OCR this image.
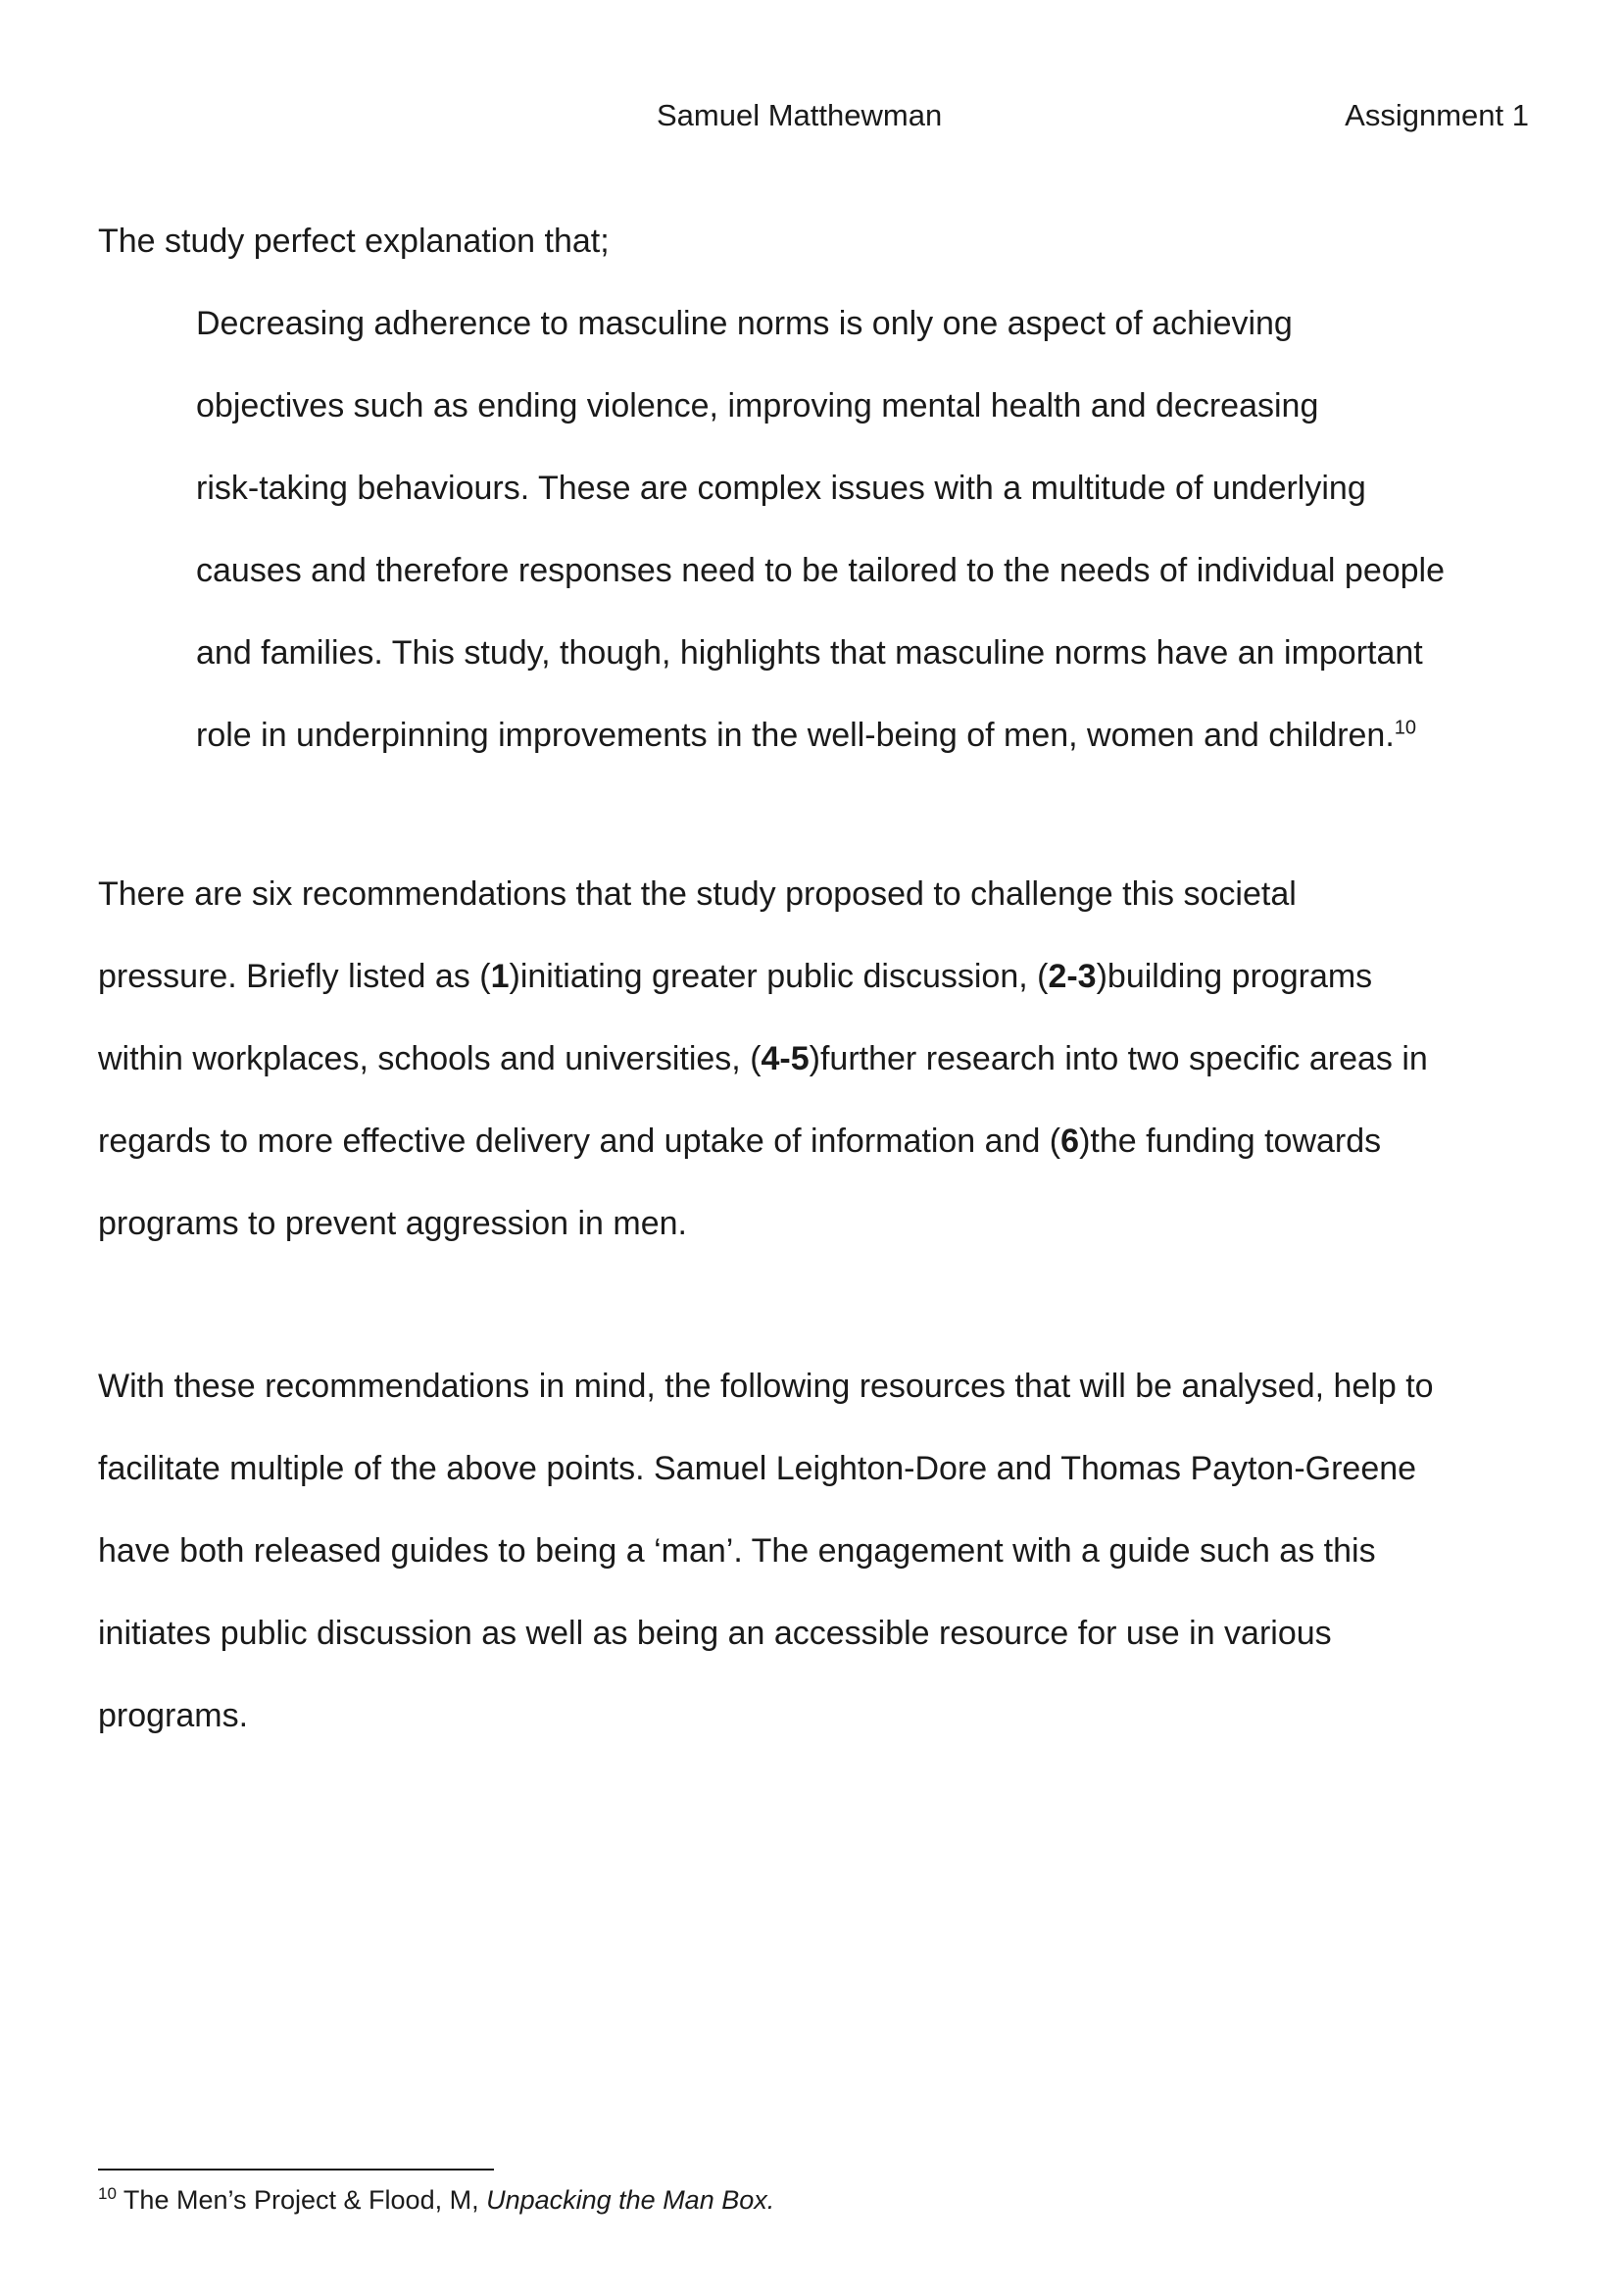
Samuel Matthewman	Assignment 1
The study perfect explanation that;

Decreasing adherence to masculine norms is only one aspect of achieving

objectives such as ending violence, improving mental health and decreasing

risk-taking behaviours. These are complex issues with a multitude of underlying

causes and therefore responses need to be tailored to the needs of individual people

and families. This study, though, highlights that masculine norms have an important

role in underpinning improvements in the well-being of men, women and children.$^{10}$

There are six recommendations that the study proposed to challenge this societal

pressure. Briefly listed as (1)initiating greater public discussion, (2-3)building programs

within workplaces, schools and universities, (4-5)further research into two specific areas in

regards to more effective delivery and uptake of information and (6)the funding towards

programs to prevent aggression in men.

With these recommendations in mind, the following resources that will be analysed, help to

facilitate multiple of the above points. Samuel Leighton-Dore and Thomas Payton-Greene

have both released guides to being a ‘man’. The engagement with a guide such as this

initiates public discussion as well as being an accessible resource for use in various

programs.

$^{10}$ The Men’s Project & Flood, M, Unpacking the Man Box.
